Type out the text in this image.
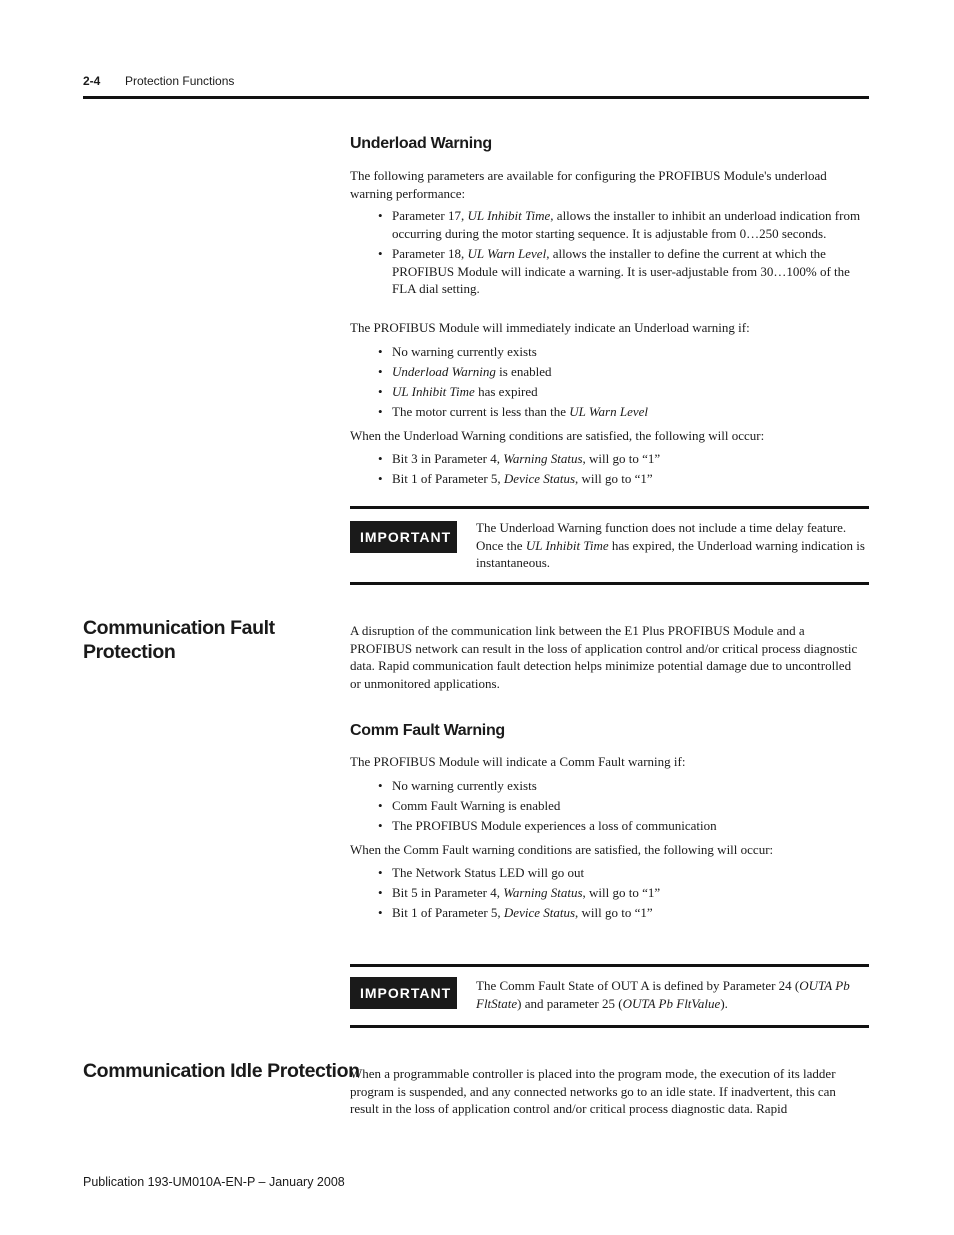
2-4 Protection Functions
Underload Warning
The following parameters are available for configuring the PROFIBUS Module's underload warning performance:
• Parameter 17, UL Inhibit Time, allows the installer to inhibit an underload indication from occurring during the motor starting sequence. It is adjustable from 0…250 seconds.
• Parameter 18, UL Warn Level, allows the installer to define the current at which the PROFIBUS Module will indicate a warning. It is user-adjustable from 30…100% of the FLA dial setting.
The PROFIBUS Module will immediately indicate an Underload warning if:
• No warning currently exists
• Underload Warning is enabled
• UL Inhibit Time has expired
• The motor current is less than the UL Warn Level
When the Underload Warning conditions are satisfied, the following will occur:
• Bit 3 in Parameter 4, Warning Status, will go to “1”
• Bit 1 of Parameter 5, Device Status, will go to “1”
IMPORTANT
The Underload Warning function does not include a time delay feature. Once the UL Inhibit Time has expired, the Underload warning indication is instantaneous.
Communication Fault Protection
A disruption of the communication link between the E1 Plus PROFIBUS Module and a PROFIBUS network can result in the loss of application control and/or critical process diagnostic data. Rapid communication fault detection helps minimize potential damage due to uncontrolled or unmonitored applications.
Comm Fault Warning
The PROFIBUS Module will indicate a Comm Fault warning if:
• No warning currently exists
• Comm Fault Warning is enabled
• The PROFIBUS Module experiences a loss of communication
When the Comm Fault warning conditions are satisfied, the following will occur:
• The Network Status LED will go out
• Bit 5 in Parameter 4, Warning Status, will go to “1”
• Bit 1 of Parameter 5, Device Status, will go to “1”
IMPORTANT	The Comm Fault State of OUT A is defined by Parameter 24 (OUTA Pb FltState) and parameter 25 (OUTA Pb FltValue).
Communication Idle Protection
When a programmable controller is placed into the program mode, the execution of its ladder program is suspended, and any connected networks go to an idle state. If inadvertent, this can result in the loss of application control and/or critical process diagnostic data. Rapid
Publication 193-UM010A-EN-P – January 2008
